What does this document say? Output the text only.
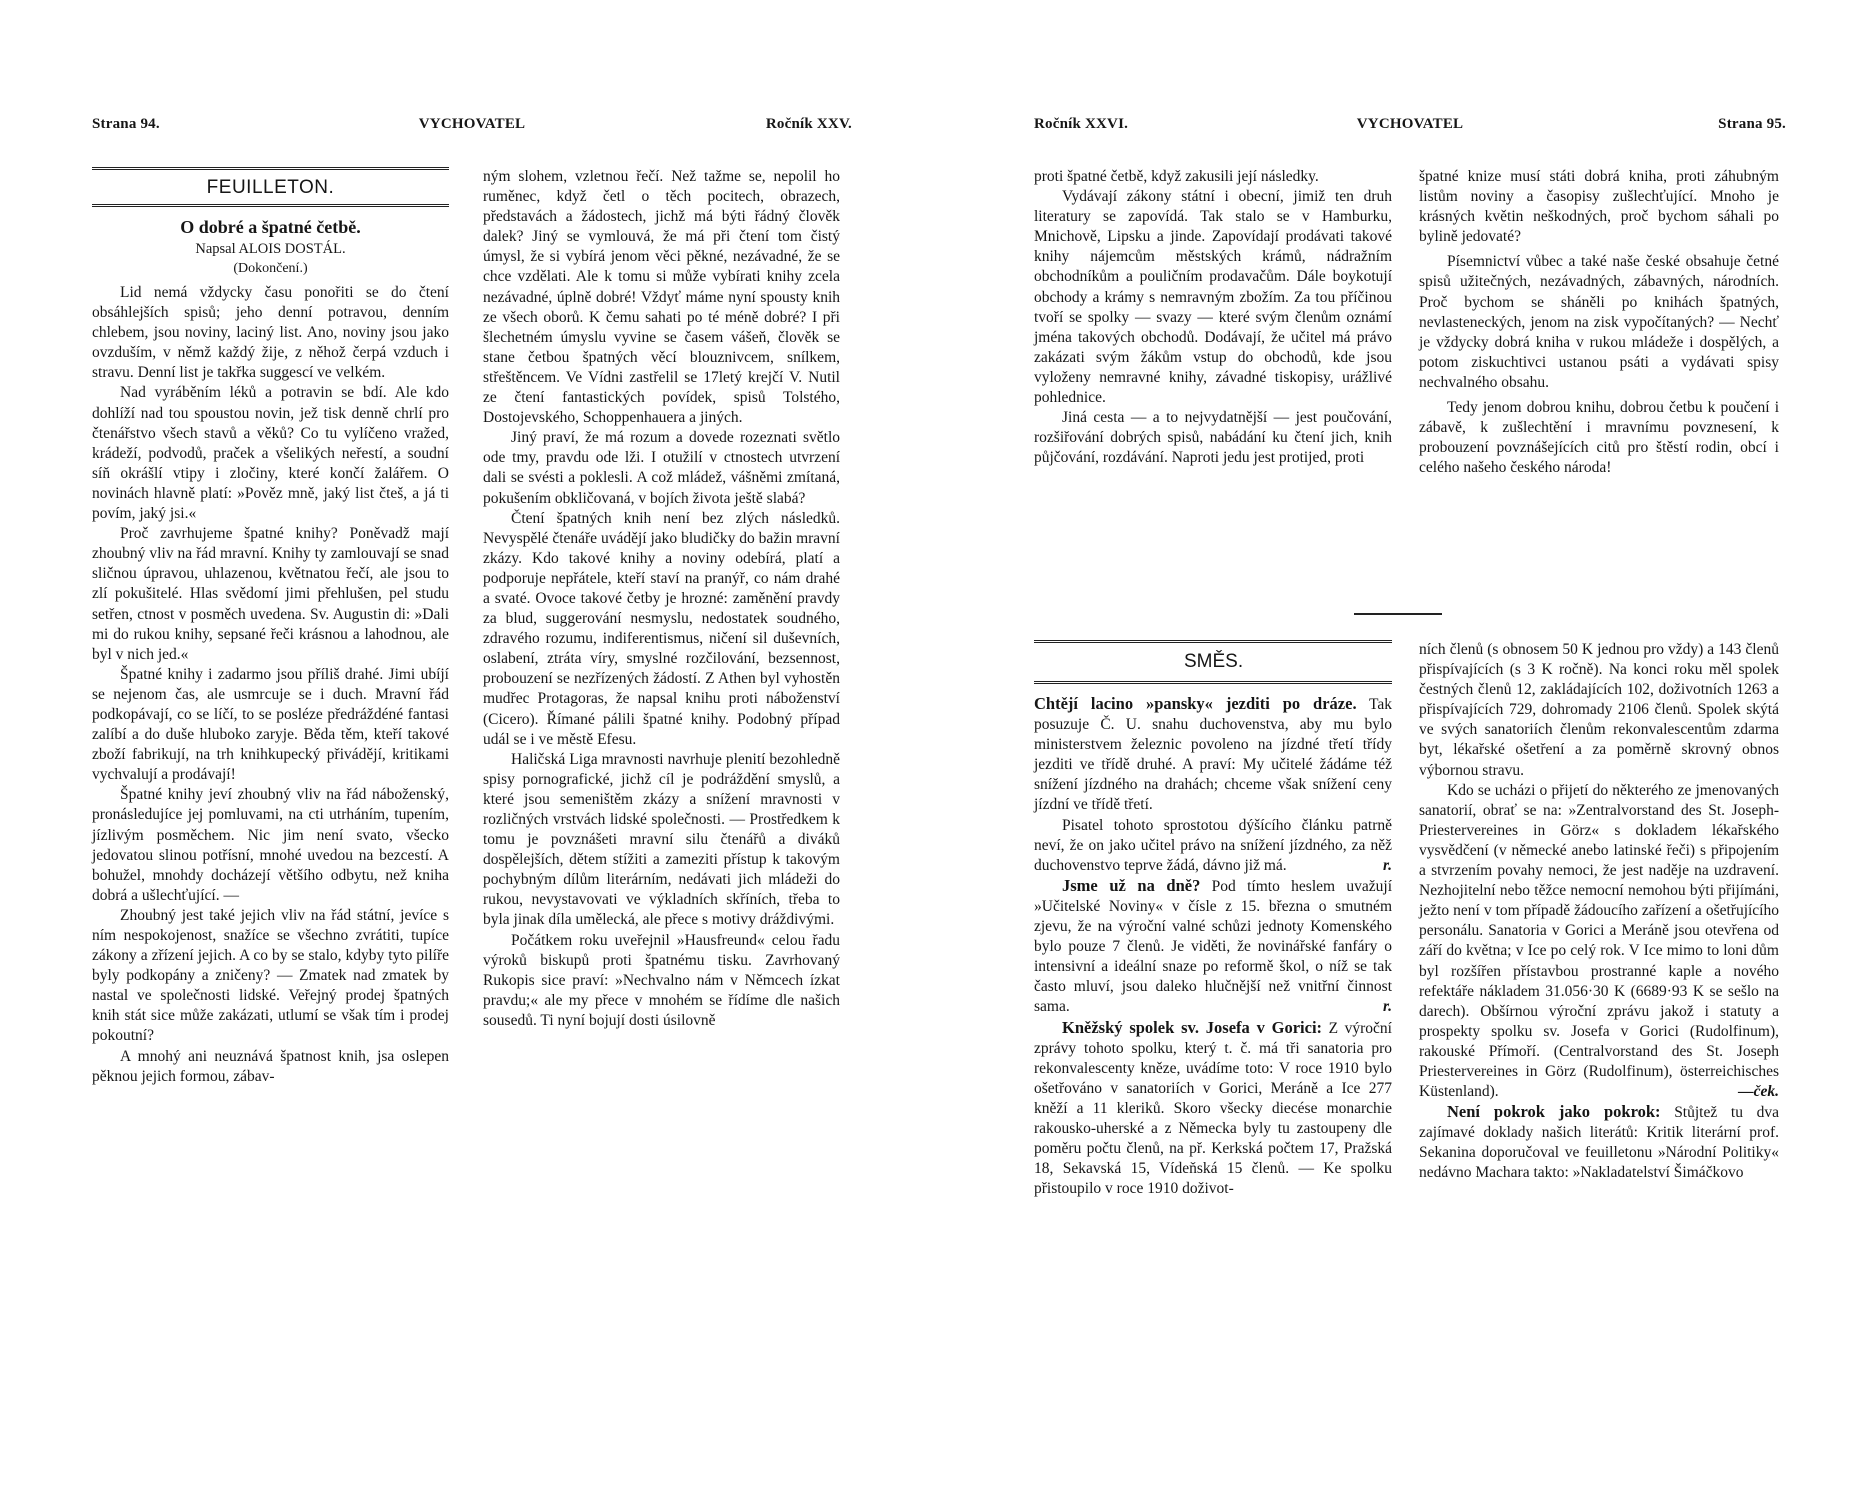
Strana 94.	VYCHOVATEL	Ročník XXV.
FEUILLETON.
O dobré a špatné četbě.
Napsal ALOIS DOSTÁL.
(Dokončení.)

Lid nemá vždycky času ponořiti se do čtení obsáhlejších spisů; jeho denní potravou, denním chlebem, jsou noviny, laciný list. Ano, noviny jsou jako ovzduším, v němž každý žije, z něhož čerpá vzduch i stravu. Denní list je takřka suggescí ve velkém.

Nad vyráběním léků a potravin se bdí. Ale kdo dohlíží nad tou spoustou novin, jež tisk denně chrlí pro čtenářstvo všech stavů a věků? Co tu vylíčeno vražed, krádeží, podvodů, praček a všelikých neřestí, a soudní síň okrášlí vtipy i zločiny, které končí žalářem. O novinách hlavně platí: »Pověz mně, jaký list čteš, a já ti povím, jaký jsi.«

Proč zavrhujeme špatné knihy? Poněvadž mají zhoubný vliv na řád mravní. Knihy ty zamlouvají se snad sličnou úpravou, uhlazenou, květnatou řečí, ale jsou to zlí pokušitelé. Hlas svědomí jimi přehlušen, pel studu setřen, ctnost v posměch uvedena. Sv. Augustin di: »Dali mi do rukou knihy, sepsané řeči krásnou a lahodnou, ale byl v nich jed.«

Špatné knihy i zadarmo jsou příliš drahé. Jimi ubíjí se nejenom čas, ale usmrcuje se i duch. Mravní řád podkopávají, co se líčí, to se posléze předráždéné fantasi zalíbí a do duše hluboko zaryje. Běda těm, kteří takové zboží fabrikují, na trh knihkupecký přivádějí, kritikami vychvalují a prodávají!

Špatné knihy jeví zhoubný vliv na řád náboženský, pronásledujíce jej pomluvami, na cti utrháním, tupením, jízlivým posměchem. Nic jim není svato, všecko jedovatou slinou potřísní, mnohé uvedou na bezcestí. A bohužel, mnohdy docházejí většího odbytu, než kniha dobrá a ušlechťující. —

Zhoubný jest také jejich vliv na řád státní, jevíce s ním nespokojenost, snažíce se všechno zvrátiti, tupíce zákony a zřízení jejich. A co by se stalo, kdyby tyto pilíře byly podkopány a zničeny? — Zmatek nad zmatek by nastal ve společnosti lidské. Veřejný prodej špatných knih stát sice může zakázati, utlumí se však tím i prodej pokoutní?

A mnohý ani neuznává špatnost knih, jsa oslepen pěknou jejich formou, zábav-

ným slohem, vzletnou řečí. Než tažme se, nepolil ho ruměnec, když četl o těch pocitech, obrazech, představách a žádostech, jichž má býti řádný člověk dalek? Jiný se vymlouvá, že má při čtení tom čistý úmysl, že si vybírá jenom věci pěkné, nezávadné, že se chce vzdělati. Ale k tomu si může vybírati knihy zcela nezávadné, úplně dobré! Vždyť máme nyní spousty knih ze všech oborů. K čemu sahati po té méně dobré? I při šlechetném úmyslu vyvine se časem vášeň, člověk se stane četbou špatných věcí blouznivcem, snílkem, střeštěncem. Ve Vídni zastřelil se 17letý krejčí V. Nutil ze čtení fantastických povídek, spisů Tolstého, Dostojevského, Schoppenhauera a jiných.

Jiný praví, že má rozum a dovede rozeznati světlo ode tmy, pravdu ode lži. I otužilí v ctnostech utvrzení dali se svésti a poklesli. A což mládež, vášněmi zmítaná, pokušením obkličovaná, v bojích života ještě slabá?

Čtení špatných knih není bez zlých následků. Nevyspělé čtenáře uvádějí jako bludičky do bažin mravní zkázy. Kdo takové knihy a noviny odebírá, platí a podporuje nepřátele, kteří staví na pranýř, co nám drahé a svaté. Ovoce takové četby je hrozné: zaměnění pravdy za blud, suggerování nesmyslu, nedostatek soudného, zdravého rozumu, indiferentismus, ničení sil duševních, oslabení, ztráta víry, smyslné rozčilování, bezsennost, probouzení se nezřízených žádostí. Z Athen byl vyhostěn mudřec Protagoras, že napsal knihu proti náboženství (Cicero). Římané pálili špatné knihy. Podobný případ udál se i ve městě Efesu.

Haličská Liga mravnosti navrhuje plenití bezohledně spisy pornografické, jichž cíl je podráždění smyslů, a které jsou semeništěm zkázy a snížení mravnosti v rozličných vrstvách lidské společnosti. — Prostředkem k tomu je povznášeti mravní silu čtenářů a diváků dospělejších, dětem stížiti a zameziti přístup k takovým pochybným dílům literárním, nedávati jich mládeži do rukou, nevystavovati ve výkladních skříních, třeba to byla jinak díla umělecká, ale přece s motivy dráždivými.

Počátkem roku uveřejnil »Hausfreund« celou řadu výroků biskupů proti špatnému tisku. Zavrhovaný Rukopis sice praví: »Nechvalno nám v Němcech ízkat pravdu;« ale my přece v mnohém se řídíme dle našich sousedů. Ti nyní bojují dosti úsilovně

Ročník XXVI.	VYCHOVATEL	Strana 95.

proti špatné četbě, když zakusili její následky.

Vydávají zákony státní i obecní, jimiž ten druh literatury se zapovídá. Tak stalo se v Hamburku, Mnichově, Lipsku a jinde. Zapovídají prodávati takové knihy nájemcům městských krámů, nádražním obchodníkům a pouličním prodavačům. Dále boykotují obchody a krámy s nemravným zbožím. Za tou příčinou tvoří se spolky — svazy — které svým členům oznámí jména takových obchodů. Dodávají, že učitel má právo zakázati svým žákům vstup do obchodů, kde jsou vyloženy nemravné knihy, závadné tiskopisy, urážlivé pohlednice.

Jiná cesta — a to nejvydatnější — jest poučování, rozšiřování dobrých spisů, nabádání ku čtení jich, knih půjčování, rozdávání. Naproti jedu jest protijed, proti

špatné knize musí státi dobrá kniha, proti záhubným listům noviny a časopisy zušlechťující. Mnoho je krásných květin neškodných, proč bychom sáhali po bylině jedovaté?

Písemnictví vůbec a také naše české obsahuje četné spisů užitečných, nezávadných, zábavných, národních. Proč bychom se sháněli po knihách špatných, nevlasteneckých, jenom na zisk vypočítaných? — Nechť je vždycky dobrá kniha v rukou mládeže i dospělých, a potom ziskuchtivci ustanou psáti a vydávati spisy nechvalného obsahu.

Tedy jenom dobrou knihu, dobrou četbu k poučení i zábavě, k zušlechtění i mravnímu povznesení, k probouzení povznášejících citů pro štěstí rodin, obcí i celého našeho českého národa!

SMĚS.

Chtějí lacino »pansky« jezditi po dráze. Tak posuzuje Č. U. snahu duchovenstva, aby mu bylo ministerstvem železnic povoleno na jízdné třetí třídy jezditi ve třídě druhé. A praví: My učitelé žádáme též snížení jízdného na drahách; chceme však snížení ceny jízdní ve třídě třetí.

Pisatel tohoto sprostotou dýšícího článku patrně neví, že on jako učitel právo na snížení jízdného, za něž duchovenstvo teprve žádá, dávno již má.	r.

Jsme už na dně? Pod tímto heslem uvažují »Učitelské Noviny« v čísle z 15. března o smutném zjevu, že na výroční valné schůzi jednoty Komenského bylo pouze 7 členů. Je viděti, že novinářské fanfáry o intensivní a ideální snaze po reformě škol, o níž se tak často mluví, jsou daleko hlučnější než vnitřní činnost sama.	r.

Kněžský spolek sv. Josefa v Gorici: Z výroční zprávy tohoto spolku, který t. č. má tři sanatoria pro rekonvalescenty kněze, uvádíme toto: V roce 1910 bylo ošetřováno v sanatoriích v Gorici, Meráně a Ice 277 kněží a 11 kleriků. Skoro všecky diecése monarchie rakousko-uherské a z Německa byly tu zastoupeny dle poměru počtu členů, na př. Kerkská počtem 17, Pražská 18, Sekavská 15, Vídeňská 15 členů. — Ke spolku přistoupilo v roce 1910 doživot-

ních členů (s obnosem 50 K jednou pro vždy) a 143 členů přispívajících (s 3 K ročně). Na konci roku měl spolek čestných členů 12, zakládajících 102, doživotních 1263 a přispívajících 729, dohromady 2106 členů. Spolek skýtá ve svých sanatoriích členům rekonvalescentům zdarma byt, lékařské ošetření a za poměrně skrovný obnos výbornou stravu.

Kdo se ucházi o přijetí do některého ze jmenovaných sanatorií, obrať se na: »Zentralvorstand des St. Joseph-Priestervereines in Görz« s dokladem lékařského vysvědčení (v německé anebo latinské řeči) s připojením a stvrzením povahy nemoci, že jest naděje na uzdravení. Nezhojitelní nebo těžce nemocní nemohou býti přijímáni, ježto není v tom případě žádoucího zařízení a ošetřujícího personálu. Sanatoria v Gorici a Meráně jsou otevřena od září do května; v Ice po celý rok. V Ice mimo to loni dům byl rozšířen přístavbou prostranné kaple a nového refektáře nákladem 31.056·30 K (6689·93 K se sešlo na darech). Obšírnou výroční zprávu jakož i statuty a prospekty spolku sv. Josefa v Gorici (Rudolfinum), rakouské Přímoří. (Centralvorstand des St. Joseph Priestervereines in Görz (Rudolfinum), österreichisches Küstenland).	—ček.

Není pokrok jako pokrok: Stůjtež tu dva zajímavé doklady našich literátů: Kritik literární prof. Sekanina doporučoval ve feuilletonu »Národní Politiky« nedávno Machara takto: »Nakladatelství Šimáčkovo
